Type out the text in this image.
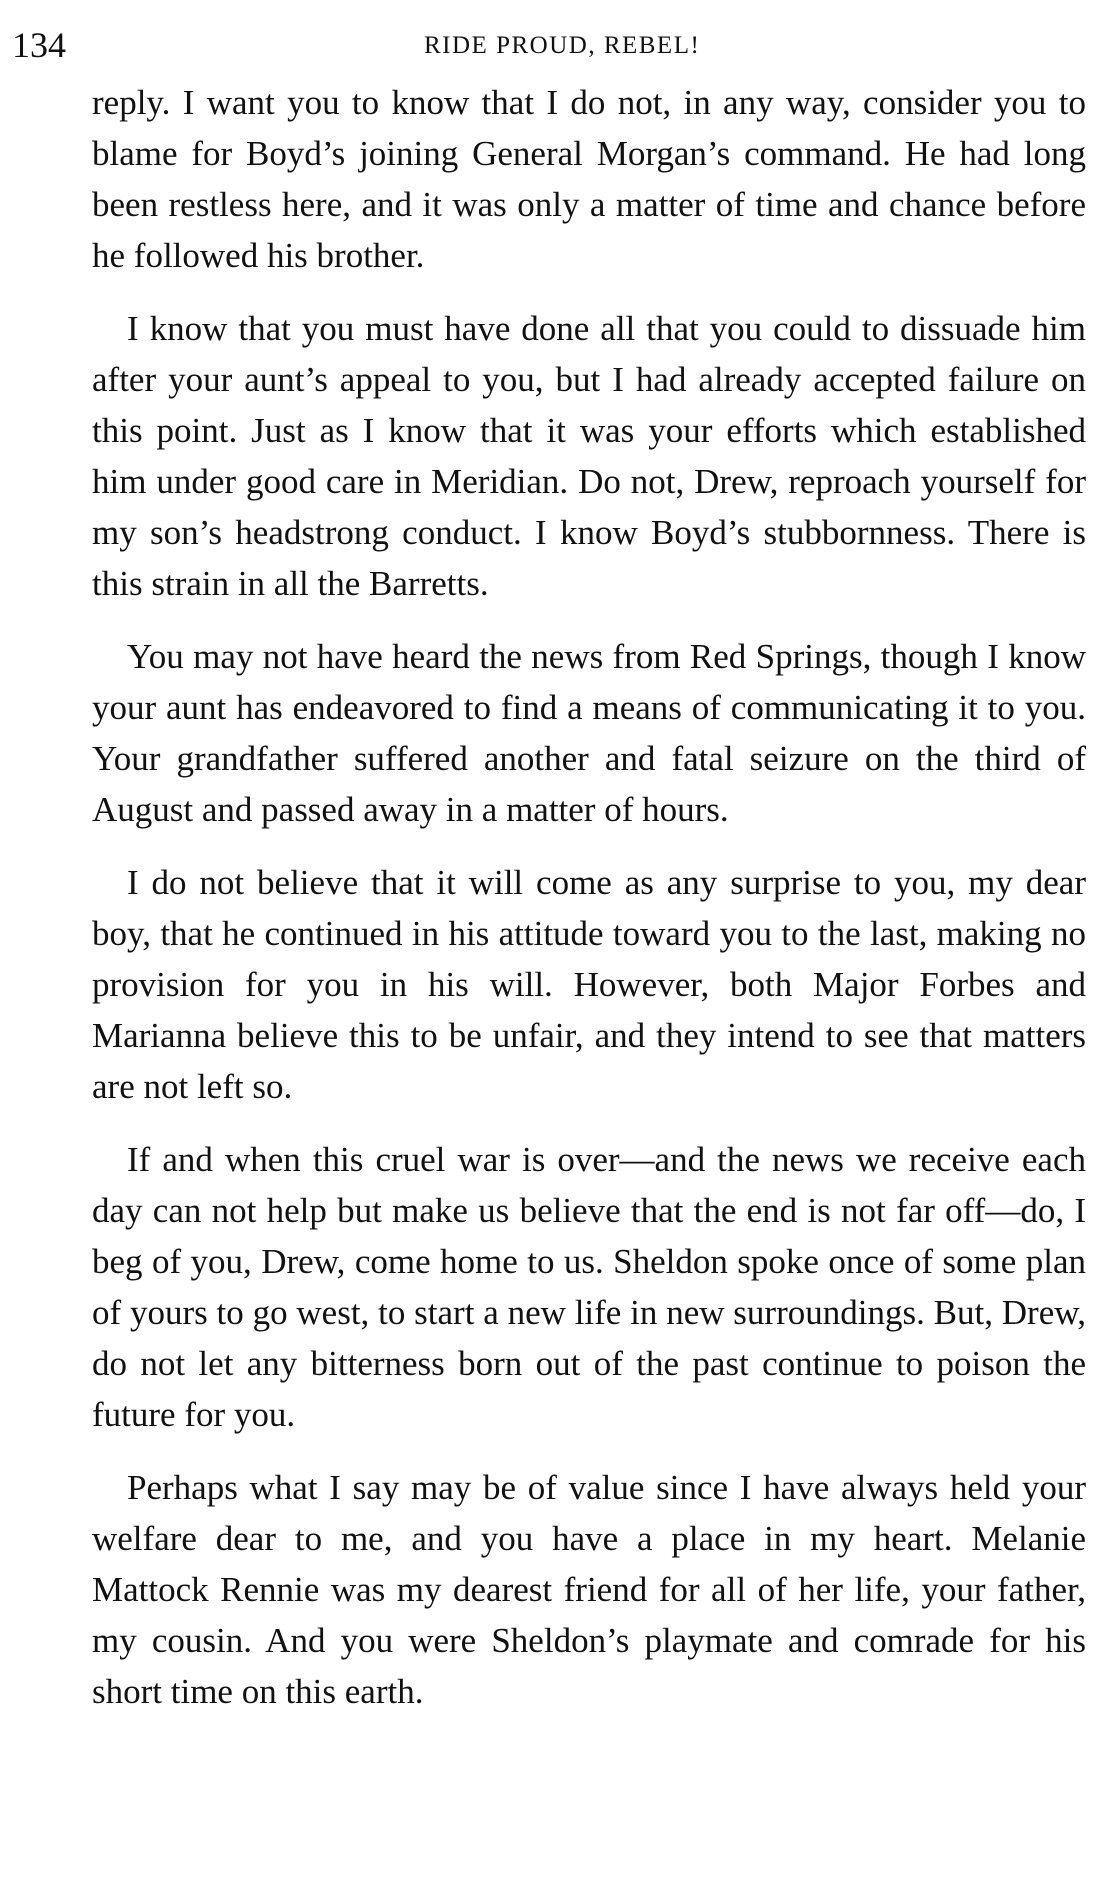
134	RIDE PROUD, REBEL!

reply. I want you to know that I do not, in any way, consider you to blame for Boyd’s joining General Morgan’s command. He had long been restless here, and it was only a matter of time and chance before he followed his brother.

I know that you must have done all that you could to dissuade him after your aunt’s appeal to you, but I had already accepted failure on this point. Just as I know that it was your efforts which established him under good care in Meridian. Do not, Drew, reproach yourself for my son’s headstrong conduct. I know Boyd’s stubbornness. There is this strain in all the Barretts.

You may not have heard the news from Red Springs, though I know your aunt has endeavored to find a means of communicating it to you. Your grandfather suffered another and fatal seizure on the third of August and passed away in a matter of hours.

I do not believe that it will come as any surprise to you, my dear boy, that he continued in his attitude toward you to the last, making no provision for you in his will. However, both Major Forbes and Marianna believe this to be unfair, and they intend to see that matters are not left so.

If and when this cruel war is over—and the news we receive each day can not help but make us believe that the end is not far off—do, I beg of you, Drew, come home to us. Sheldon spoke once of some plan of yours to go west, to start a new life in new surroundings. But, Drew, do not let any bitterness born out of the past continue to poison the future for you.

Perhaps what I say may be of value since I have always held your welfare dear to me, and you have a place in my heart. Melanie Mattock Rennie was my dearest friend for all of her life, your father, my cousin. And you were Sheldon’s playmate and comrade for his short time on this earth.
